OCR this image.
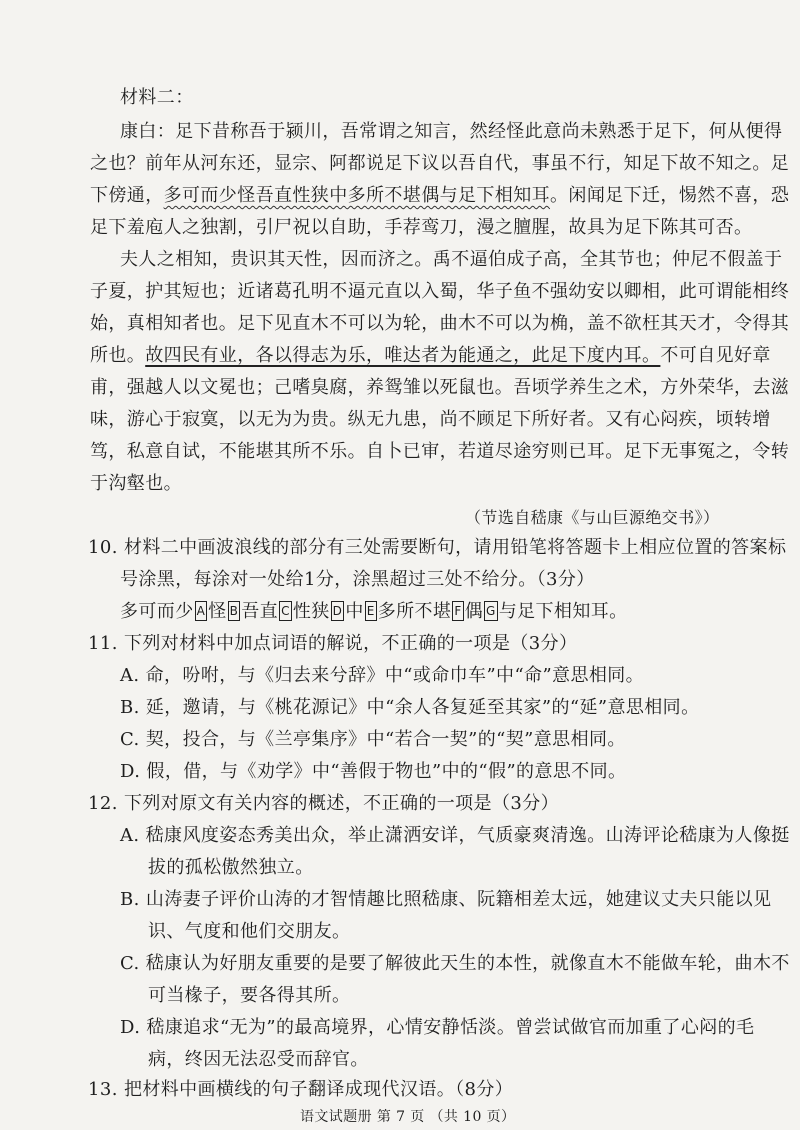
材料二：
康白：足下昔称吾于颍川，吾常谓之知言，然经怪此意尚未熟悉于足下，何从便得
之也？前年从河东还，显宗、阿都说足下议以吾自代，事虽不行，知足下故不知之。足
下傍通，多可而少怪吾直性狭中多所不堪偶与足下相知耳。闲闻足下迁，惕然不喜，恐
足下羞庖人之独割，引尸祝以自助，手荐鸾刀，漫之膻腥，故具为足下陈其可否。
夫人之相知，贵识其天性，因而济之。禹不逼伯成子高，全其节也；仲尼不假盖于
子夏，护其短也；近诸葛孔明不逼元直以入蜀，华子鱼不强幼安以卿相，此可谓能相终
始，真相知者也。足下见直木不可以为轮，曲木不可以为桷，盖不欲枉其天才，令得其
所也。故四民有业，各以得志为乐，唯达者为能通之，此足下度内耳。不可自见好章
甫，强越人以文冕也；己嗜臭腐，养鸳雏以死鼠也。吾顷学养生之术，方外荣华，去滋
味，游心于寂寞，以无为为贵。纵无九患，尚不顾足下所好者。又有心闷疾，顷转增
笃，私意自试，不能堪其所不乐。自卜已审，若道尽途穷则已耳。足下无事冤之，令转
于沟壑也。
（节选自嵇康《与山巨源绝交书》）
10. 材料二中画波浪线的部分有三处需要断句，请用铅笔将答题卡上相应位置的答案标
号涂黑，每涂对一处给1分，涂黑超过三处不给分。（3分）
多可而少 A 怪 B 吾直 C 性狭 D 中 E 多所不堪 F 偶 G 与足下相知耳。
11. 下列对材料中加点词语的解说，不正确的一项是（3分）
A. 命，吩咐，与《归去来兮辞》中“或命巾车”中“命”意思相同。
B. 延，邀请，与《桃花源记》中“余人各复延至其家”的“延”意思相同。
C. 契，投合，与《兰亭集序》中“若合一契”的“契”意思相同。
D. 假，借，与《劝学》中“善假于物也”中的“假”的意思不同。
12. 下列对原文有关内容的概述，不正确的一项是（3分）
A. 嵇康风度姿态秀美出众，举止潇洒安详，气质豪爽清逸。山涛评论嵇康为人像挺
拔的孤松傲然独立。
B. 山涛妻子评价山涛的才智情趣比照嵇康、阮籍相差太远，她建议丈夫只能以见
识、气度和他们交朋友。
C. 嵇康认为好朋友重要的是要了解彼此天生的本性，就像直木不能做车轮，曲木不
可当椽子，要各得其所。
D. 嵇康追求“无为”的最高境界，心情安静恬淡。曾尝试做官而加重了心闷的毛
病，终因无法忍受而辞官。
13. 把材料中画横线的句子翻译成现代汉语。（8分）
语文试题册 第 7 页 （共 10 页）
